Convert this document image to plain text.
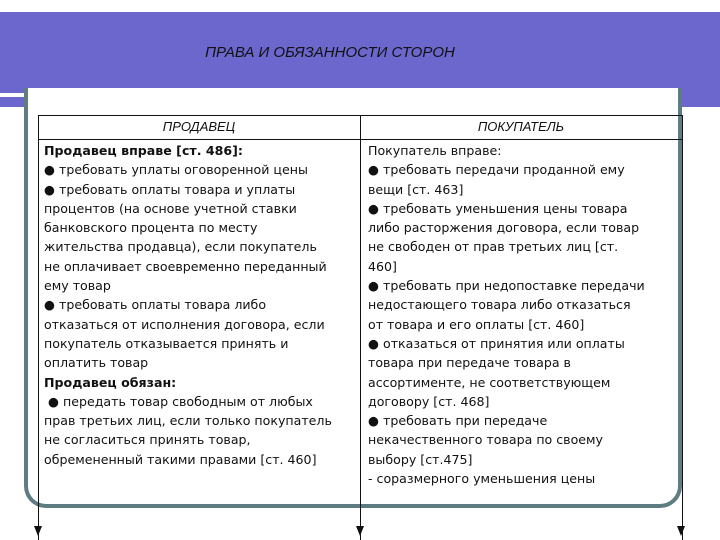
ПРАВА И ОБЯЗАННОСТИ СТОРОН
ПРОДАВЕЦ	ПОКУПАТЕЛЬ
Продавец вправе [ст. 486]:
● требовать уплаты оговоренной цены
● требовать оплаты товара и уплаты
процентов (на основе учетной ставки
банковского процента по месту
жительства продавца), если покупатель
не оплачивает своевременно переданный
ему товар
● требовать оплаты товара либо
отказаться от исполнения договора, если
покупатель отказывается принять и
оплатить товар
Продавец обязан:
● передать товар свободным от любых
прав третьих лиц, если только покупатель
не согласиться принять товар,
обремененный такими правами [ст. 460]
Покупатель вправе:
● требовать передачи проданной ему
вещи [ст. 463]
● требовать уменьшения цены товара
либо расторжения договора, если товар
не свободен от прав третьих лиц [ст.
460]
● требовать при недопоставке передачи
недостающего товара либо отказаться
от товара и его оплаты [ст. 460]
● отказаться от принятия или оплаты
товара при передаче товара в
ассортименте, не соответствующем
договору [ст. 468]
● требовать при передаче
некачественного товара по своему
выбору [ст.475]
- соразмерного уменьшения цены
